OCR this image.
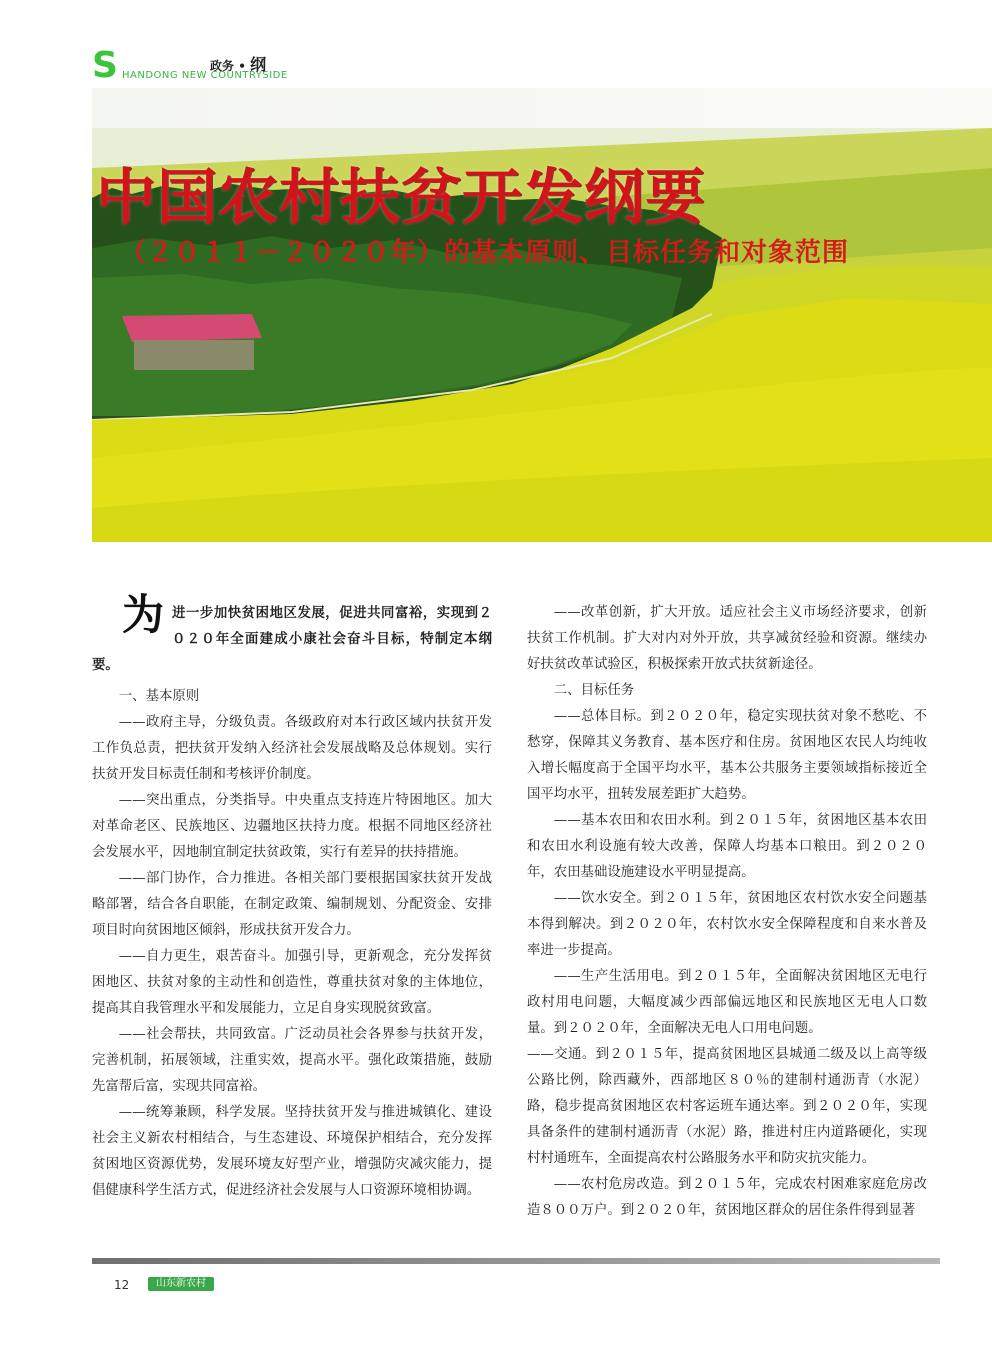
S HANDONG NEW COUNTRYSIDE
政务 • 纲
中国农村扶贫开发纲要
（２０１１－２０２０年）的基本原则、目标任务和对象范围

为进一步加快贫困地区发展，促进共同富裕，实现到２０２０年全面建成小康社会奋斗目标，特制定本纲要。

一、基本原则

——政府主导，分级负责。各级政府对本行政区域内扶贫开发工作负总责，把扶贫开发纳入经济社会发展战略及总体规划。实行扶贫开发目标责任制和考核评价制度。

——突出重点，分类指导。中央重点支持连片特困地区。加大对革命老区、民族地区、边疆地区扶持力度。根据不同地区经济社会发展水平，因地制宜制定扶贫政策，实行有差异的扶持措施。

——部门协作，合力推进。各相关部门要根据国家扶贫开发战略部署，结合各自职能，在制定政策、编制规划、分配资金、安排项目时向贫困地区倾斜，形成扶贫开发合力。

——自力更生，艰苦奋斗。加强引导，更新观念，充分发挥贫困地区、扶贫对象的主动性和创造性，尊重扶贫对象的主体地位，提高其自我管理水平和发展能力，立足自身实现脱贫致富。

——社会帮扶，共同致富。广泛动员社会各界参与扶贫开发，完善机制，拓展领域，注重实效，提高水平。强化政策措施，鼓励先富帮后富，实现共同富裕。

——统筹兼顾，科学发展。坚持扶贫开发与推进城镇化、建设社会主义新农村相结合，与生态建设、环境保护相结合，充分发挥贫困地区资源优势，发展环境友好型产业，增强防灾减灾能力，提倡健康科学生活方式，促进经济社会发展与人口资源环境相协调。

——改革创新，扩大开放。适应社会主义市场经济要求，创新扶贫工作机制。扩大对内对外开放，共享减贫经验和资源。继续办好扶贫改革试验区，积极探索开放式扶贫新途径。

二、目标任务

——总体目标。到２０２０年，稳定实现扶贫对象不愁吃、不愁穿，保障其义务教育、基本医疗和住房。贫困地区农民人均纯收入增长幅度高于全国平均水平，基本公共服务主要领域指标接近全国平均水平，扭转发展差距扩大趋势。

——基本农田和农田水利。到２０１５年，贫困地区基本农田和农田水利设施有较大改善，保障人均基本口粮田。到２０２０年，农田基础设施建设水平明显提高。

——饮水安全。到２０１５年，贫困地区农村饮水安全问题基本得到解决。到２０２０年，农村饮水安全保障程度和自来水普及率进一步提高。

——生产生活用电。到２０１５年，全面解决贫困地区无电行政村用电问题，大幅度减少西部偏远地区和民族地区无电人口数量。到２０２０年，全面解决无电人口用电问题。

——交通。到２０１５年，提高贫困地区县城通二级及以上高等级公路比例，除西藏外，西部地区８０％的建制村通沥青（水泥）路，稳步提高贫困地区农村客运班车通达率。到２０２０年，实现具备条件的建制村通沥青（水泥）路，推进村庄内道路硬化，实现村村通班车，全面提高农村公路服务水平和防灾抗灾能力。

——农村危房改造。到２０１５年，完成农村困难家庭危房改造８００万户。到２０２０年，贫困地区群众的居住条件得到显著

12	山东新农村
